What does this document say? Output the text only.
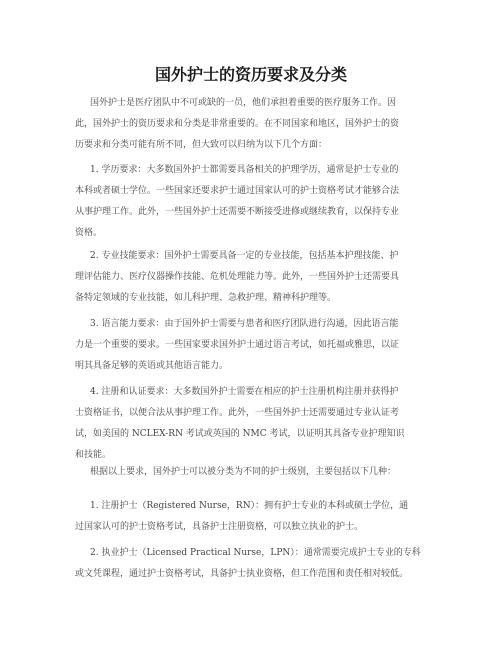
国外护士的资历要求及分类
国外护士是医疗团队中不可或缺的一员，他们承担着重要的医疗服务工作。因
此，国外护士的资历要求和分类是非常重要的。在不同国家和地区，国外护士的资
历要求和分类可能有所不同，但大致可以归纳为以下几个方面：
1. 学历要求：大多数国外护士都需要具备相关的护理学历，通常是护士专业的
本科或者硕士学位。一些国家还要求护士通过国家认可的护士资格考试才能够合法
从事护理工作。此外，一些国外护士还需要不断接受进修或继续教育，以保持专业
资格。
2. 专业技能要求：国外护士需要具备一定的专业技能，包括基本护理技能、护
理评估能力、医疗仪器操作技能、危机处理能力等。此外，一些国外护士还需要具
备特定领域的专业技能，如儿科护理、急救护理、精神科护理等。
3. 语言能力要求：由于国外护士需要与患者和医疗团队进行沟通，因此语言能
力是一个重要的要求。一些国家要求国外护士通过语言考试，如托福或雅思，以证
明其具备足够的英语或其他语言能力。
4. 注册和认证要求：大多数国外护士需要在相应的护士注册机构注册并获得护
士资格证书，以便合法从事护理工作。此外，一些国外护士还需要通过专业认证考
试，如美国的 NCLEX-RN 考试或英国的 NMC 考试，以证明其具备专业护理知识
和技能。
根据以上要求，国外护士可以被分类为不同的护士级别，主要包括以下几种：
1. 注册护士（Registered Nurse，RN）：拥有护士专业的本科或硕士学位，通
过国家认可的护士资格考试，具备护士注册资格，可以独立执业的护士。
2. 执业护士（Licensed Practical Nurse，LPN）：通常需要完成护士专业的专科
或文凭课程，通过护士资格考试，具备护士执业资格，但工作范围和责任相对较低。
